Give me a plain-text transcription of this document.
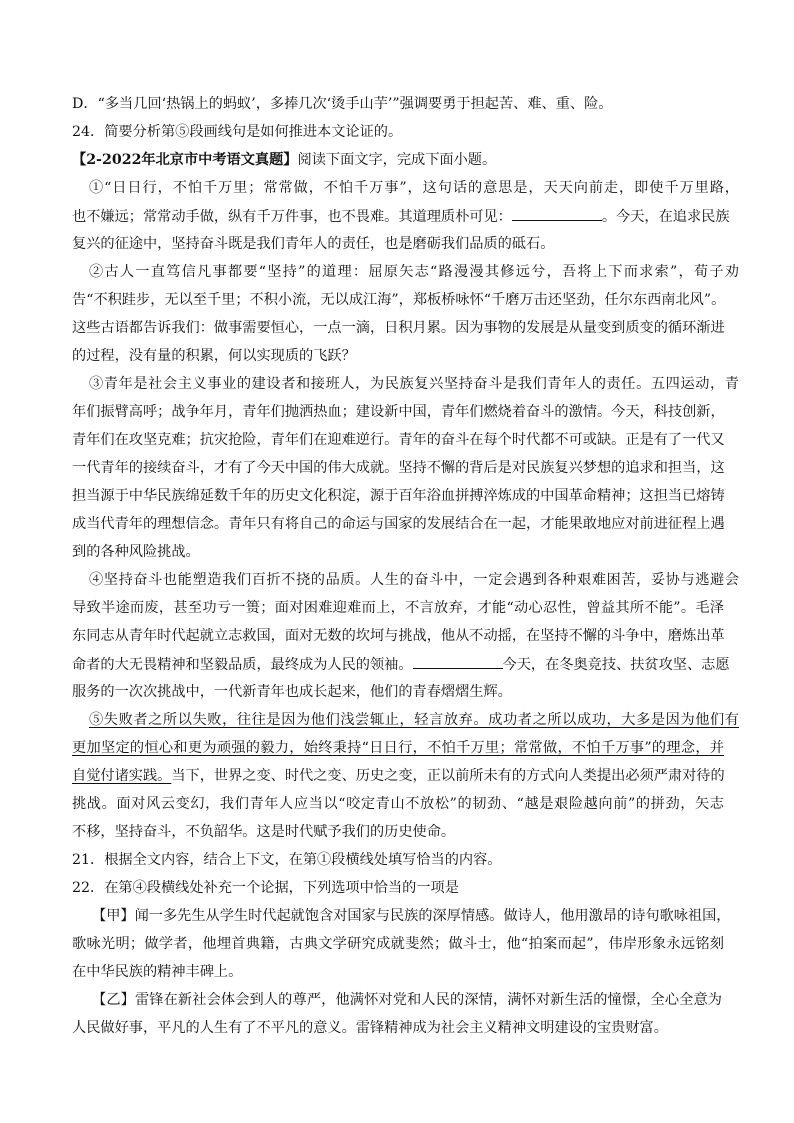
D．“多当几回‘热锅上的蚂蚁’，多捧几次‘烫手山芋’”强调要勇于担起苦、难、重、险。
24．简要分析第⑤段画线句是如何推进本文论证的。
【2-2022年北京市中考语文真题】阅读下面文字，完成下面小题。
①“日日行，不怕千万里；常常做，不怕千万事”，这句话的意思是，天天向前走，即使千万里路，
也不嫌远；常常动手做，纵有千万件事，也不畏难。其道理质朴可见：	。今天，在追求民族
复兴的征途中，坚持奋斗既是我们青年人的责任，也是磨砺我们品质的砥石。
②古人一直笃信凡事都要“坚持”的道理：屈原矢志“路漫漫其修远兮，吾将上下而求索”，荀子劝
告“不积跬步，无以至千里；不积小流，无以成江海”，郑板桥咏怀“千磨万击还坚劲，任尔东西南北风”。
这些古语都告诉我们：做事需要恒心，一点一滴，日积月累。因为事物的发展是从量变到质变的循环渐进
的过程，没有量的积累，何以实现质的飞跃？
③青年是社会主义事业的建设者和接班人，为民族复兴坚持奋斗是我们青年人的责任。五四运动，青
年们振臂高呼；战争年月，青年们抛洒热血；建设新中国，青年们燃烧着奋斗的激情。今天，科技创新，
青年们在攻坚克难；抗灾抢险，青年们在迎难逆行。青年的奋斗在每个时代都不可或缺。正是有了一代又
一代青年的接续奋斗，才有了今天中国的伟大成就。坚持不懈的背后是对民族复兴梦想的追求和担当，这
担当源于中华民族绵延数千年的历史文化积淀，源于百年浴血拼搏淬炼成的中国革命精神；这担当已熔铸
成当代青年的理想信念。青年只有将自己的命运与国家的发展结合在一起，才能果敢地应对前进征程上遇
到的各种风险挑战。
④坚持奋斗也能塑造我们百折不挠的品质。人生的奋斗中，一定会遇到各种艰难困苦，妥协与逃避会
导致半途而废，甚至功亏一篑；面对困难迎难而上，不言放弃，才能“动心忍性，曾益其所不能”。毛泽
东同志从青年时代起就立志救国，面对无数的坎坷与挑战，他从不动摇，在坚持不懈的斗争中，磨炼出革
命者的大无畏精神和坚毅品质，最终成为人民的领袖。	今天，在冬奥竞技、扶贫攻坚、志愿
服务的一次次挑战中，一代新青年也成长起来，他们的青春熠熠生辉。
⑤失败者之所以失败，往往是因为他们浅尝辄止，轻言放弃。成功者之所以成功，大多是因为他们有
更加坚定的恒心和更为顽强的毅力，始终秉持“日日行，不怕千万里；常常做，不怕千万事”的理念，并
自觉付诸实践。当下，世界之变、时代之变、历史之变，正以前所未有的方式向人类提出必须严肃对待的
挑战。面对风云变幻，我们青年人应当以“咬定青山不放松”的韧劲、“越是艰险越向前”的拼劲，矢志
不移，坚持奋斗，不负韶华。这是时代赋予我们的历史使命。
21．根据全文内容，结合上下文，在第①段横线处填写恰当的内容。
22．在第④段横线处补充一个论据，下列选项中恰当的一项是
【甲】闻一多先生从学生时代起就饱含对国家与民族的深厚情感。做诗人，他用激昂的诗句歌咏祖国，
歌咏光明；做学者，他埋首典籍，古典文学研究成就斐然；做斗士，他“拍案而起”，伟岸形象永远铭刻
在中华民族的精神丰碑上。
【乙】雷锋在新社会体会到人的尊严，他满怀对党和人民的深情，满怀对新生活的憧憬，全心全意为
人民做好事，平凡的人生有了不平凡的意义。雷锋精神成为社会主义精神文明建设的宝贵财富。
